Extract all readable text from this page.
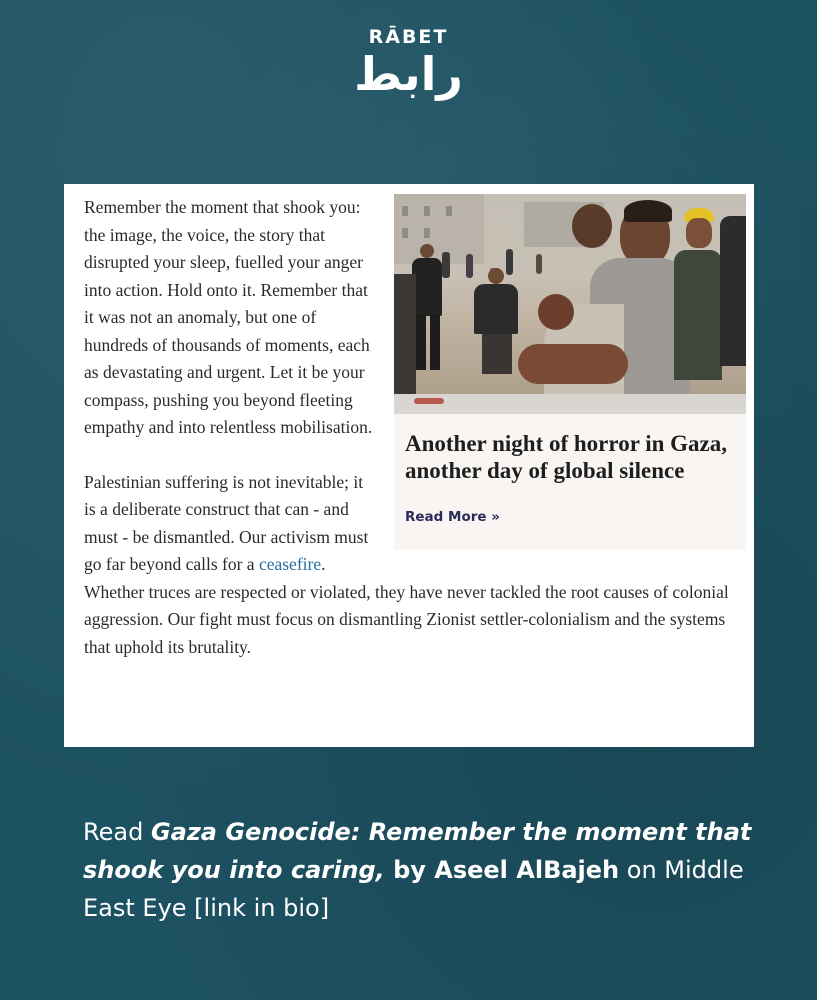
RĀBET
رابط
Another night of horror in Gaza, another day of global silence
Read More »

Remember the moment that shook you: the image, the voice, the story that disrupted your sleep, fuelled your anger into action. Hold onto it. Remember that it was not an anomaly, but one of hundreds of thousands of moments, each as devastating and urgent. Let it be your compass, pushing you beyond fleeting empathy and into relentless mobilisation.

Palestinian suffering is not inevitable; it is a deliberate construct that can - and must - be dismantled. Our activism must go far beyond calls for a ceasefire. Whether truces are respected or violated, they have never tackled the root causes of colonial aggression. Our fight must focus on dismantling Zionist settler-colonialism and the systems that uphold its brutality.

Read Gaza Genocide: Remember the moment that shook you into caring, by Aseel AlBajeh on Middle East Eye [link in bio]
